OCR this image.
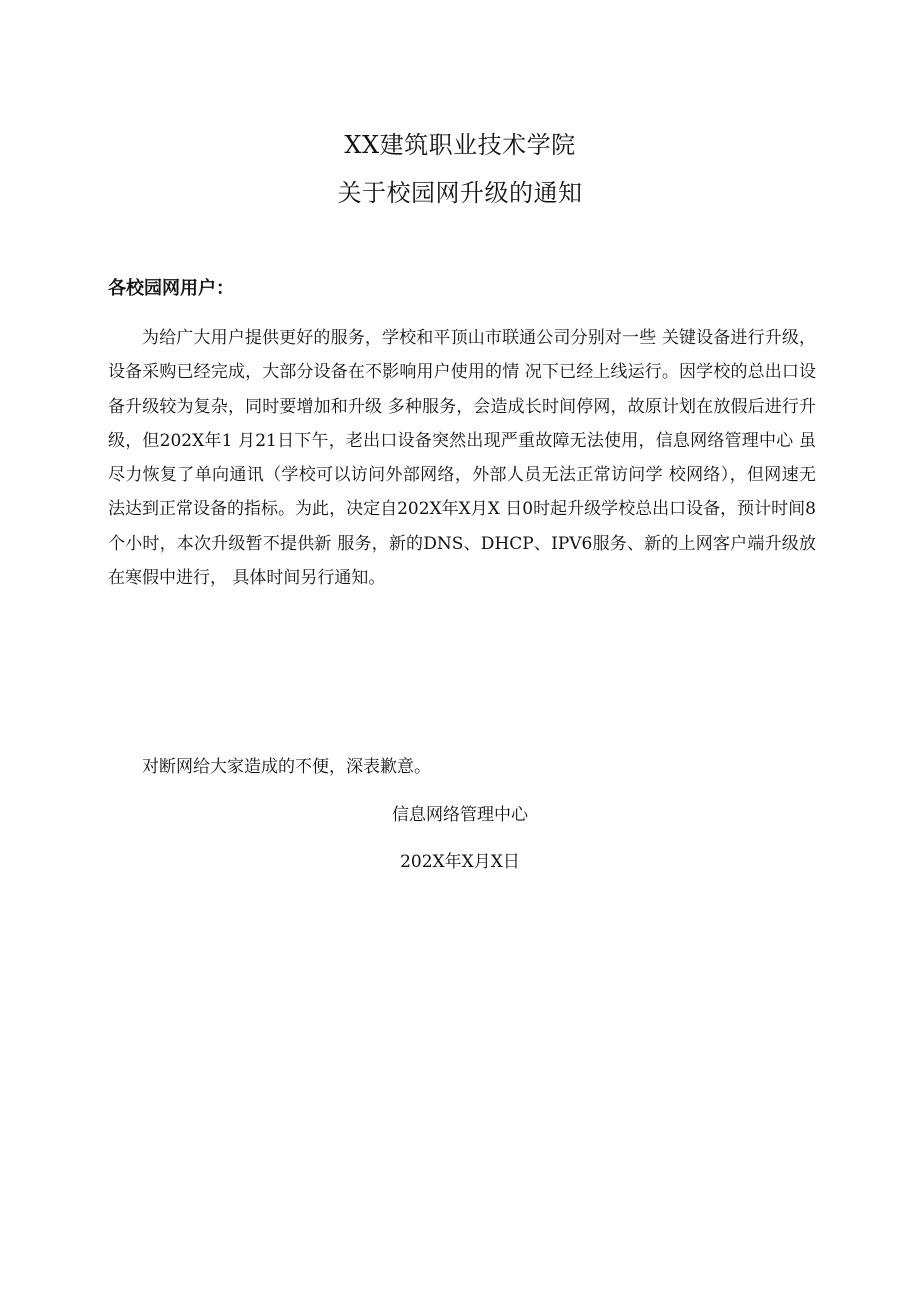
XX建筑职业技术学院
关于校园网升级的通知
各校园网用户：
为给广大用户提供更好的服务，学校和平顶山市联通公司分别对一些 关键设备进行升级，设备采购已经完成，大部分设备在不影响用户使用的情 况下已经上线运行。因学校的总出口设备升级较为复杂，同时要增加和升级 多种服务，会造成长时间停网，故原计划在放假后进行升级，但202X年1 月21日下午，老出口设备突然出现严重故障无法使用，信息网络管理中心 虽尽力恢复了单向通讯（学校可以访问外部网络，外部人员无法正常访问学 校网络），但网速无法达到正常设备的指标。为此，决定自202X年X月X 日0时起升级学校总出口设备，预计时间8个小时，本次升级暂不提供新 服务，新的DNS、DHCP、IPV6服务、新的上网客户端升级放在寒假中进行， 具体时间另行通知。
对断网给大家造成的不便，深表歉意。
信息网络管理中心
202X年X月X日
